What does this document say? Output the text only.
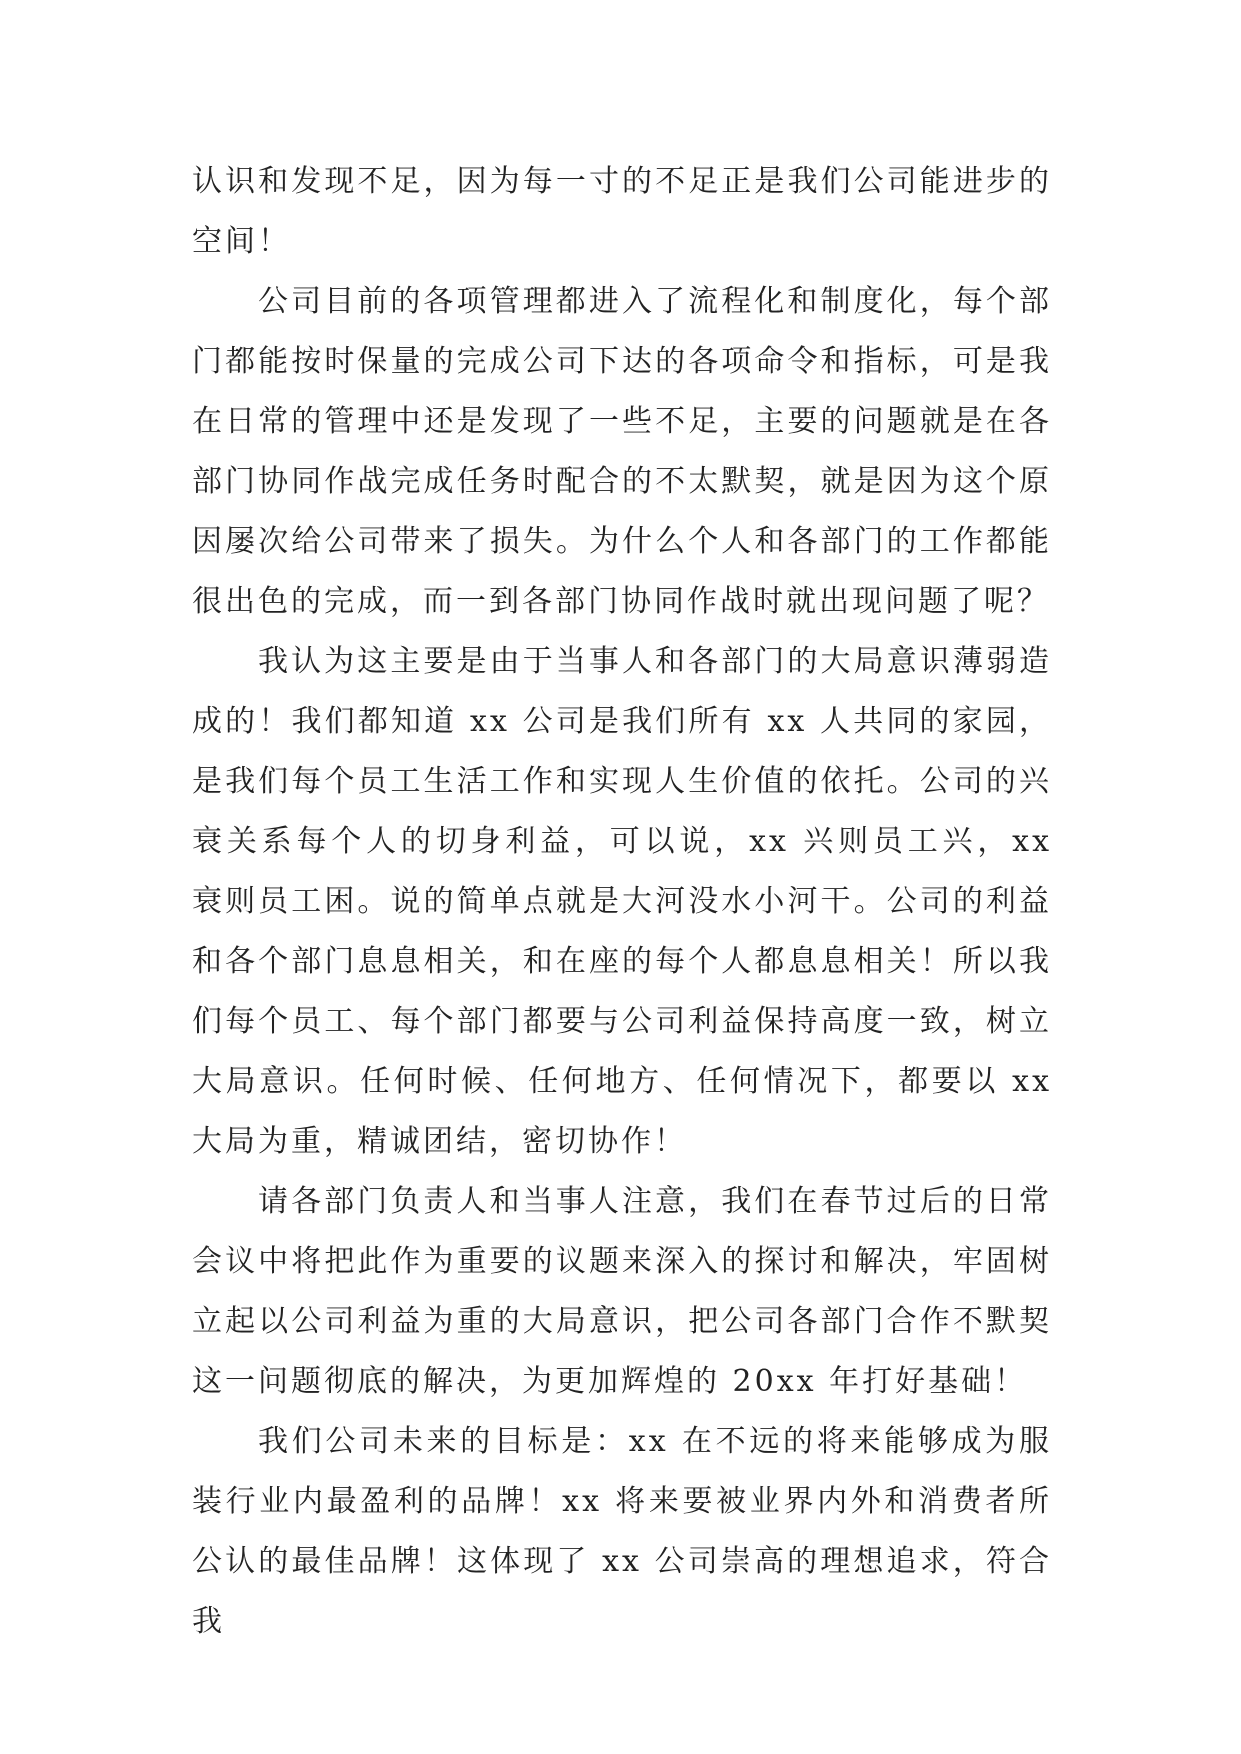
认识和发现不足，因为每一寸的不足正是我们公司能进步的空间！

公司目前的各项管理都进入了流程化和制度化，每个部门都能按时保量的完成公司下达的各项命令和指标，可是我在日常的管理中还是发现了一些不足，主要的问题就是在各部门协同作战完成任务时配合的不太默契，就是因为这个原因屡次给公司带来了损失。为什么个人和各部门的工作都能很出色的完成，而一到各部门协同作战时就出现问题了呢？

我认为这主要是由于当事人和各部门的大局意识薄弱造成的！我们都知道 xx 公司是我们所有 xx 人共同的家园，是我们每个员工生活工作和实现人生价值的依托。公司的兴衰关系每个人的切身利益，可以说，xx 兴则员工兴，xx 衰则员工困。说的简单点就是大河没水小河干。公司的利益和各个部门息息相关，和在座的每个人都息息相关！所以我们每个员工、每个部门都要与公司利益保持高度一致，树立大局意识。任何时候、任何地方、任何情况下，都要以 xx 大局为重，精诚团结，密切协作！

请各部门负责人和当事人注意，我们在春节过后的日常会议中将把此作为重要的议题来深入的探讨和解决，牢固树立起以公司利益为重的大局意识，把公司各部门合作不默契这一问题彻底的解决，为更加辉煌的 20xx 年打好基础！

我们公司未来的目标是：xx 在不远的将来能够成为服装行业内最盈利的品牌！xx 将来要被业界内外和消费者所公认的最佳品牌！这体现了 xx 公司崇高的理想追求，符合我
